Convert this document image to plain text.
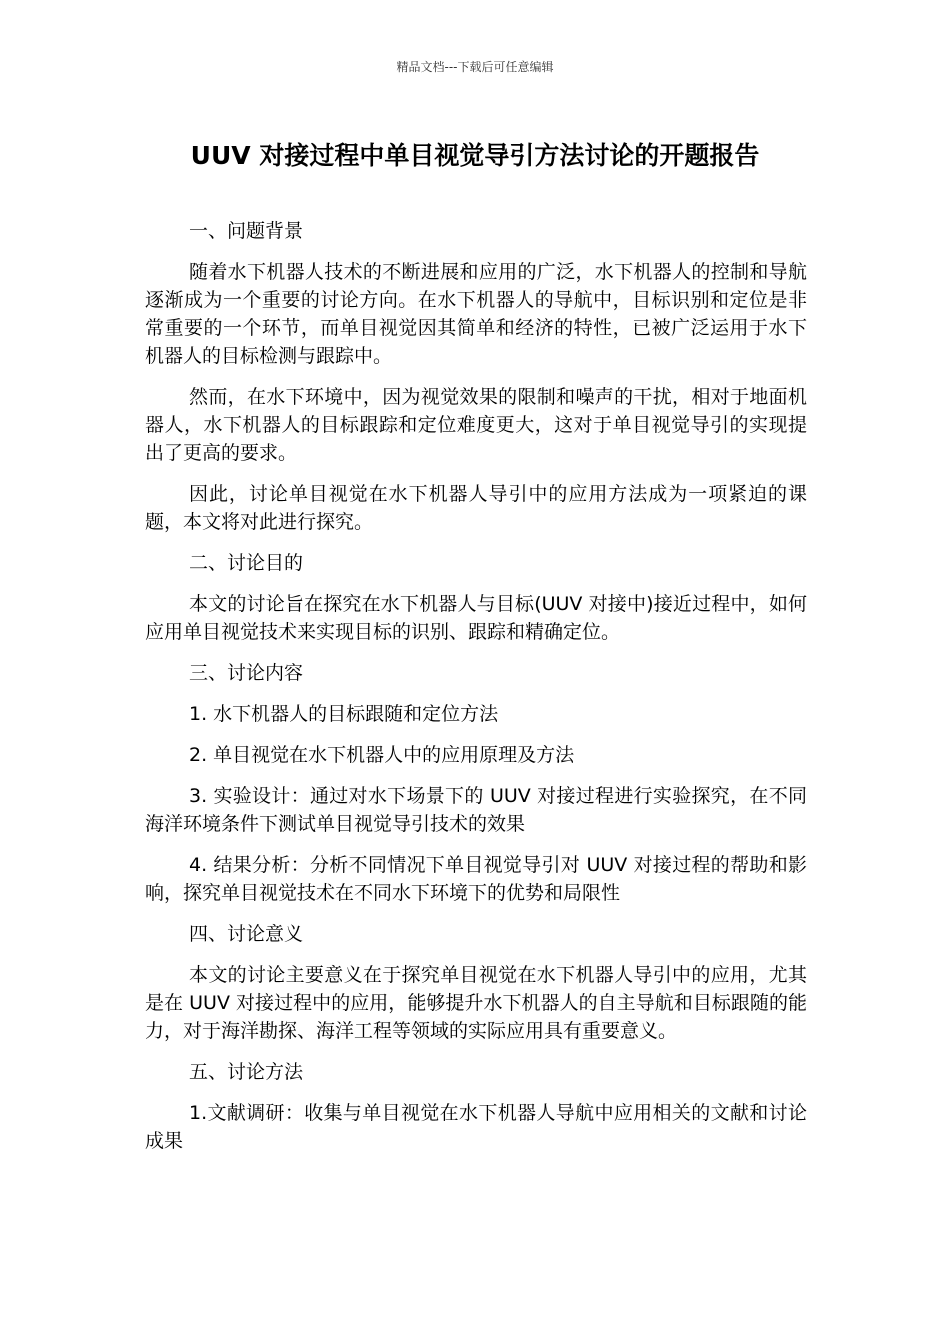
精品文档---下载后可任意编辑
UUV 对接过程中单目视觉导引方法讨论的开题报告

一、问题背景

随着水下机器人技术的不断进展和应用的广泛，水下机器人的控制和导航逐渐成为一个重要的讨论方向。在水下机器人的导航中，目标识别和定位是非常重要的一个环节，而单目视觉因其简单和经济的特性，已被广泛运用于水下机器人的目标检测与跟踪中。

然而，在水下环境中，因为视觉效果的限制和噪声的干扰，相对于地面机器人，水下机器人的目标跟踪和定位难度更大，这对于单目视觉导引的实现提出了更高的要求。

因此，讨论单目视觉在水下机器人导引中的应用方法成为一项紧迫的课题，本文将对此进行探究。

二、讨论目的

本文的讨论旨在探究在水下机器人与目标(UUV 对接中)接近过程中，如何应用单目视觉技术来实现目标的识别、跟踪和精确定位。

三、讨论内容

1. 水下机器人的目标跟随和定位方法

2. 单目视觉在水下机器人中的应用原理及方法

3. 实验设计：通过对水下场景下的 UUV 对接过程进行实验探究，在不同海洋环境条件下测试单目视觉导引技术的效果

4. 结果分析：分析不同情况下单目视觉导引对 UUV 对接过程的帮助和影响，探究单目视觉技术在不同水下环境下的优势和局限性

四、讨论意义

本文的讨论主要意义在于探究单目视觉在水下机器人导引中的应用，尤其是在 UUV 对接过程中的应用，能够提升水下机器人的自主导航和目标跟随的能力，对于海洋勘探、海洋工程等领域的实际应用具有重要意义。

五、讨论方法

1.文献调研：收集与单目视觉在水下机器人导航中应用相关的文献和讨论成果
